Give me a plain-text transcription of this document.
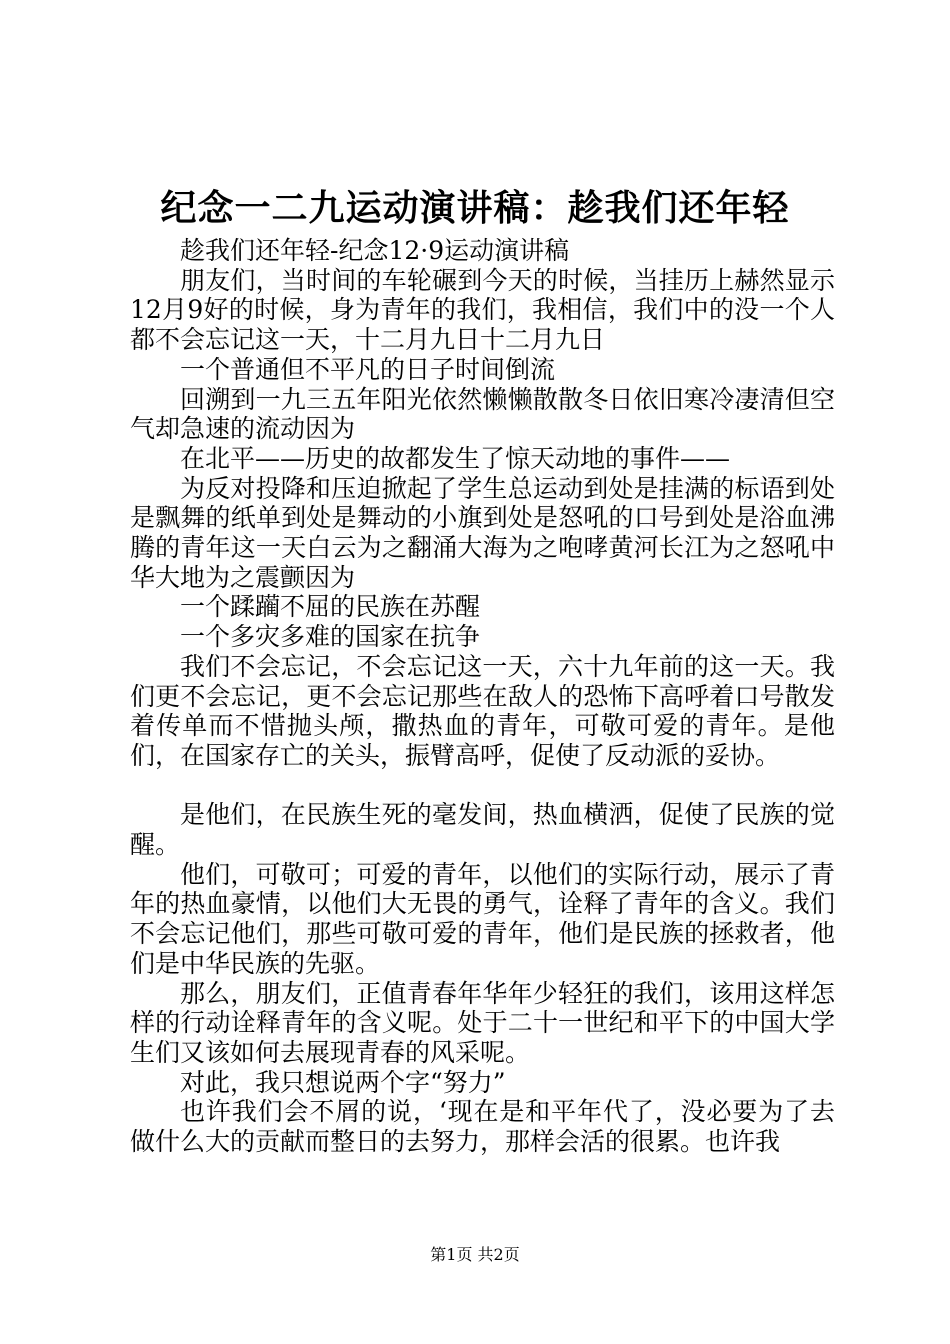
纪念一二九运动演讲稿：趁我们还年轻

趁我们还年轻-纪念12·9运动演讲稿

朋友们，当时间的车轮碾到今天的时候，当挂历上赫然显示12月9好的时候，身为青年的我们，我相信，我们中的没一个人都不会忘记这一天，十二月九日十二月九日

一个普通但不平凡的日子时间倒流

回溯到一九三五年阳光依然懒懒散散冬日依旧寒冷凄清但空气却急速的流动因为

在北平——历史的故都发生了惊天动地的事件——

为反对投降和压迫掀起了学生总运动到处是挂满的标语到处是飘舞的纸单到处是舞动的小旗到处是怒吼的口号到处是浴血沸腾的青年这一天白云为之翻涌大海为之咆哮黄河长江为之怒吼中华大地为之震颤因为

一个蹂躏不屈的民族在苏醒

一个多灾多难的国家在抗争

我们不会忘记，不会忘记这一天，六十九年前的这一天。我们更不会忘记，更不会忘记那些在敌人的恐怖下高呼着口号散发着传单而不惜抛头颅，撒热血的青年，可敬可爱的青年。是他们，在国家存亡的关头，振臂高呼，促使了反动派的妥协。

是他们，在民族生死的毫发间，热血横洒，促使了民族的觉醒。

他们，可敬可；可爱的青年，以他们的实际行动，展示了青年的热血豪情，以他们大无畏的勇气，诠释了青年的含义。我们不会忘记他们，那些可敬可爱的青年，他们是民族的拯救者，他们是中华民族的先驱。

那么，朋友们，正值青春年华年少轻狂的我们，该用这样怎样的行动诠释青年的含义呢。处于二十一世纪和平下的中国大学生们又该如何去展现青春的风采呢。

对此，我只想说两个字“努力”

也许我们会不屑的说，‘现在是和平年代了，没必要为了去做什么大的贡献而整日的去努力，那样会活的很累。也许我

第1页 共2页
